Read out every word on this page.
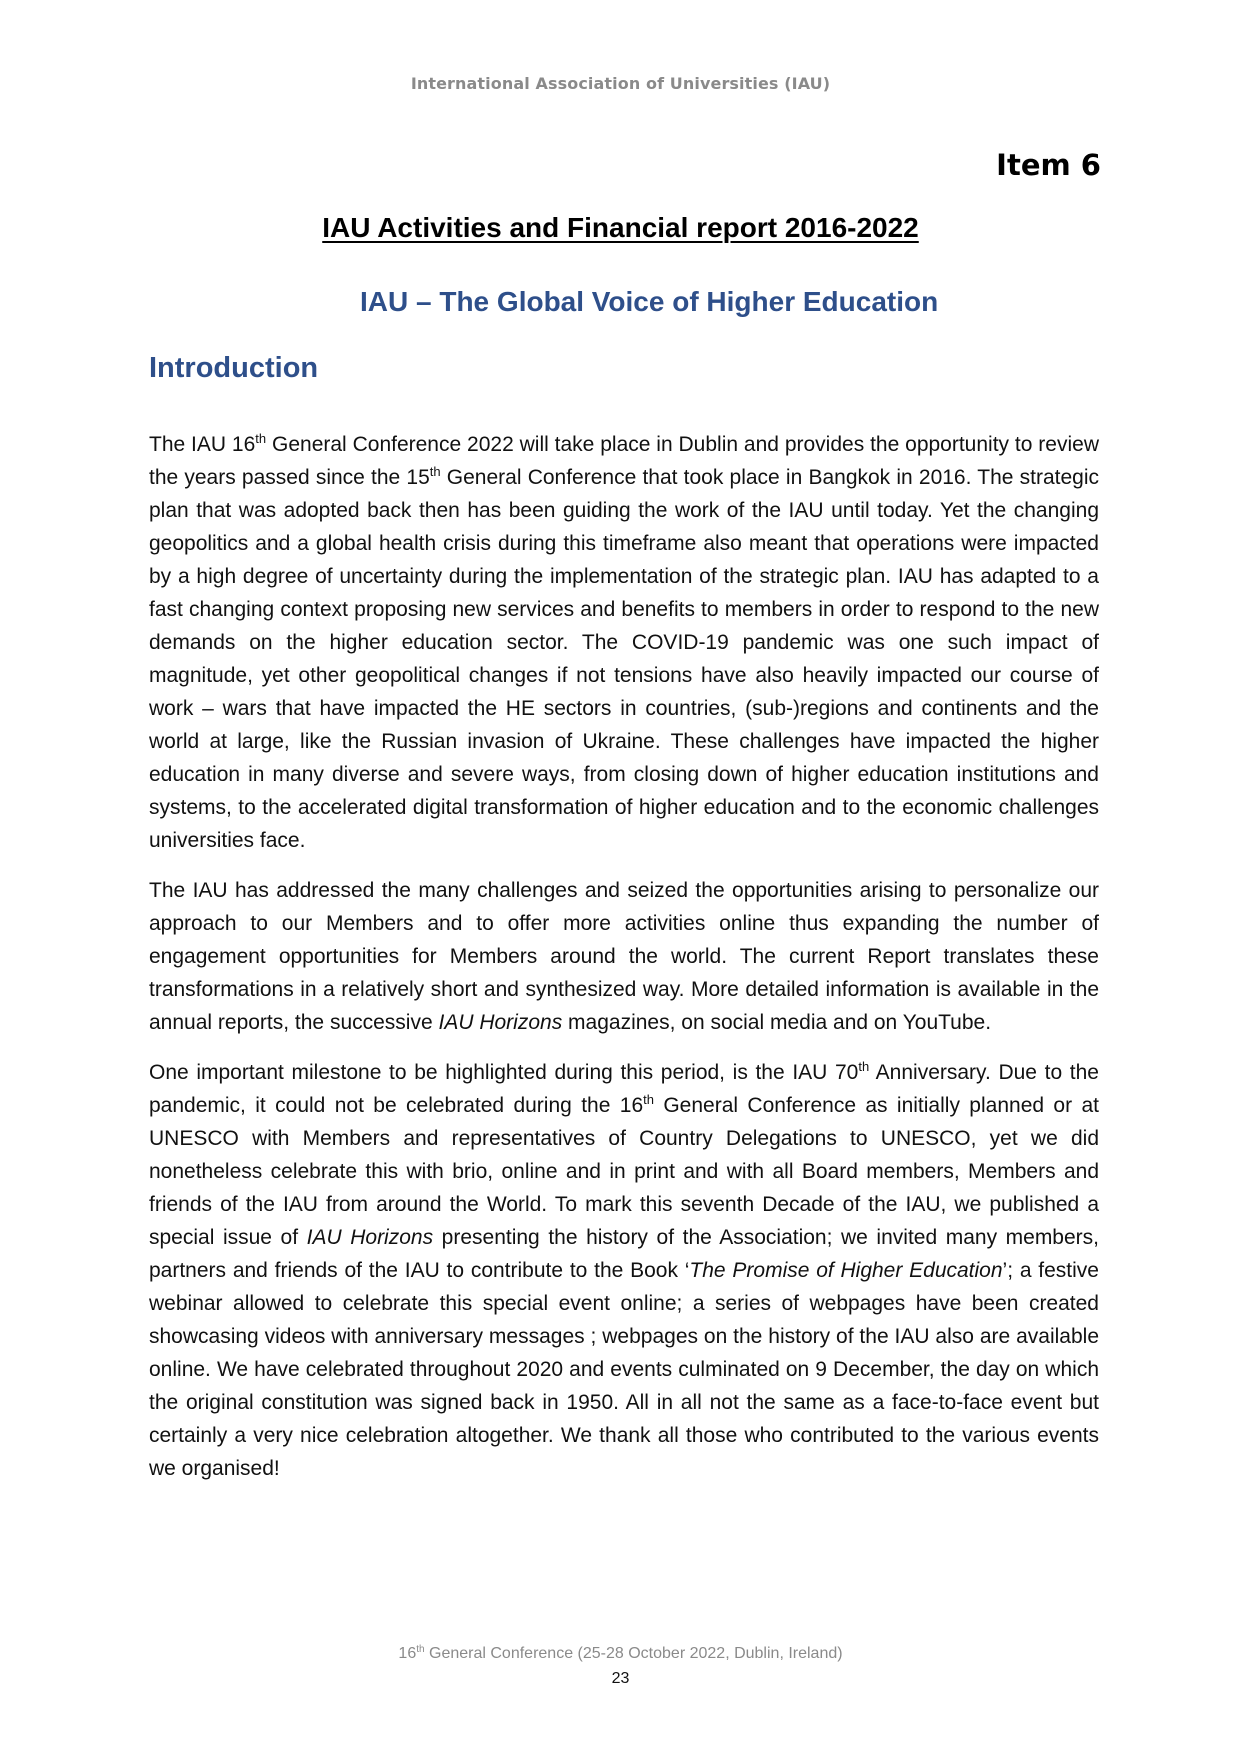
International Association of Universities (IAU)
Item 6
IAU Activities and Financial report 2016-2022
IAU – The Global Voice of Higher Education
Introduction

The IAU 16th General Conference 2022 will take place in Dublin and provides the opportunity to review the years passed since the 15th General Conference that took place in Bangkok in 2016. The strategic plan that was adopted back then has been guiding the work of the IAU until today. Yet the changing geopolitics and a global health crisis during this timeframe also meant that operations were impacted by a high degree of uncertainty during the implementation of the strategic plan. IAU has adapted to a fast changing context proposing new services and benefits to members in order to respond to the new demands on the higher education sector. The COVID-19 pandemic was one such impact of magnitude, yet other geopolitical changes if not tensions have also heavily impacted our course of work – wars that have impacted the HE sectors in countries, (sub-)regions and continents and the world at large, like the Russian invasion of Ukraine. These challenges have impacted the higher education in many diverse and severe ways, from closing down of higher education institutions and systems, to the accelerated digital transformation of higher education and to the economic challenges universities face.

The IAU has addressed the many challenges and seized the opportunities arising to personalize our approach to our Members and to offer more activities online thus expanding the number of engagement opportunities for Members around the world. The current Report translates these transformations in a relatively short and synthesized way. More detailed information is available in the annual reports, the successive IAU Horizons magazines, on social media and on YouTube.

One important milestone to be highlighted during this period, is the IAU 70th Anniversary. Due to the pandemic, it could not be celebrated during the 16th General Conference as initially planned or at UNESCO with Members and representatives of Country Delegations to UNESCO, yet we did nonetheless celebrate this with brio, online and in print and with all Board members, Members and friends of the IAU from around the World. To mark this seventh Decade of the IAU, we published a special issue of IAU Horizons presenting the history of the Association; we invited many members, partners and friends of the IAU to contribute to the Book ‘The Promise of Higher Education’; a festive webinar allowed to celebrate this special event online; a series of webpages have been created showcasing videos with anniversary messages ; webpages on the history of the IAU also are available online. We have celebrated throughout 2020 and events culminated on 9 December, the day on which the original constitution was signed back in 1950. All in all not the same as a face-to-face event but certainly a very nice celebration altogether. We thank all those who contributed to the various events we organised!

16th General Conference (25-28 October 2022, Dublin, Ireland)
23
